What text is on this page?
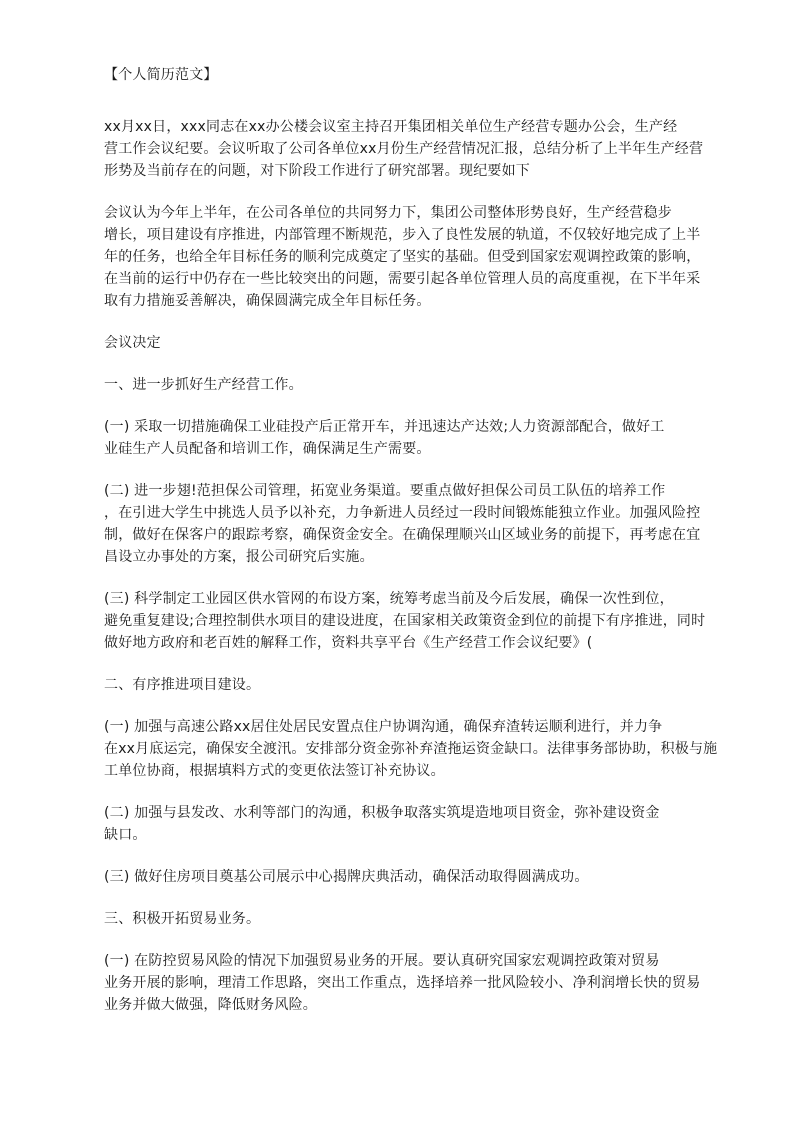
【个人简历范文】
xx月xx日，xxx同志在xx办公楼会议室主持召开集团相关单位生产经营专题办公会，生产经
营工作会议纪要。会议听取了公司各单位xx月份生产经营情况汇报，总结分析了上半年生产经营
形势及当前存在的问题，对下阶段工作进行了研究部署。现纪要如下
会议认为今年上半年，在公司各单位的共同努力下，集团公司整体形势良好，生产经营稳步
增长，项目建设有序推进，内部管理不断规范，步入了良性发展的轨道，不仅较好地完成了上半
年的任务，也给全年目标任务的顺利完成奠定了坚实的基础。但受到国家宏观调控政策的影响，
在当前的运行中仍存在一些比较突出的问题，需要引起各单位管理人员的高度重视，在下半年采
取有力措施妥善解决，确保圆满完成全年目标任务。
会议决定
一、进一步抓好生产经营工作。
(一) 采取一切措施确保工业硅投产后正常开车，并迅速达产达效;人力资源部配合，做好工
业硅生产人员配备和培训工作，确保满足生产需要。
(二) 进一步翅!范担保公司管理，拓宽业务渠道。要重点做好担保公司员工队伍的培养工作
，在引进大学生中挑选人员予以补充，力争新进人员经过一段时间锻炼能独立作业。加强风险控
制，做好在保客户的跟踪考察，确保资金安全。在确保理顺兴山区域业务的前提下，再考虑在宜
昌设立办事处的方案，报公司研究后实施。
(三) 科学制定工业园区供水管网的布设方案，统筹考虑当前及今后发展，确保一次性到位，
避免重复建设;合理控制供水项目的建设进度，在国家相关政策资金到位的前提下有序推进，同时
做好地方政府和老百姓的解释工作，资料共享平台《生产经营工作会议纪要》(
二、有序推进项目建设。
(一) 加强与高速公路xx居住处居民安置点住户协调沟通，确保弃渣转运顺利进行，并力争
在xx月底运完，确保安全渡汛。安排部分资金弥补弃渣拖运资金缺口。法律事务部协助，积极与施
工单位协商，根据填料方式的变更依法签订补充协议。
(二) 加强与县发改、水利等部门的沟通，积极争取落实筑堤造地项目资金，弥补建设资金
缺口。
(三) 做好住房项目奠基公司展示中心揭牌庆典活动，确保活动取得圆满成功。
三、积极开拓贸易业务。
(一) 在防控贸易风险的情况下加强贸易业务的开展。要认真研究国家宏观调控政策对贸易
业务开展的影响，理清工作思路，突出工作重点，选择培养一批风险较小、净利润增长快的贸易
业务并做大做强，降低财务风险。
